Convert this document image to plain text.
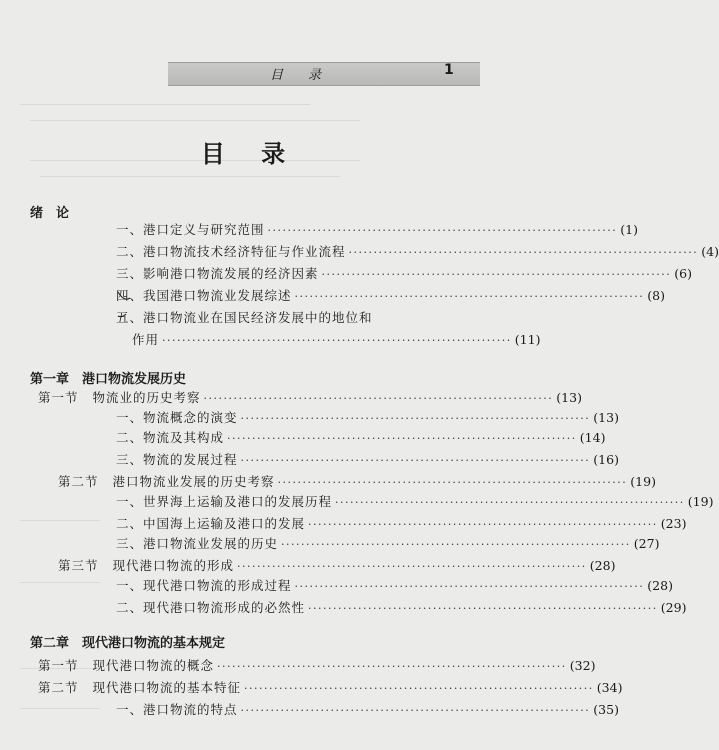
目　录	1
目 录
绪　论
一、港口定义与研究范围 ······································································ (1)
二、港口物流技术经济特征与作业流程 ······································································ (4)
三、影响港口物流发展的经济因素 ······································································ (6)
四、我国港口物流业发展综述 ······································································ (8)
五、港口物流业在国民经济发展中的地位和
作用 ······································································ (11)
第一章　港口物流发展历史
第一节 物流业的历史考察 ······································································ (13)
一、物流概念的演变 ······································································ (13)
二、物流及其构成 ······································································ (14)
三、物流的发展过程 ······································································ (16)
第二节 港口物流业发展的历史考察 ······································································ (19)
一、世界海上运输及港口的发展历程 ······································································ (19)
二、中国海上运输及港口的发展 ······································································ (23)
三、港口物流业发展的历史 ······································································ (27)
第三节 现代港口物流的形成 ······································································ (28)
一、现代港口物流的形成过程 ······································································ (28)
二、现代港口物流形成的必然性 ······································································ (29)
第二章　现代港口物流的基本规定
第一节 现代港口物流的概念 ······································································ (32)
第二节 现代港口物流的基本特征 ······································································ (34)
一、港口物流的特点 ······································································ (35)
